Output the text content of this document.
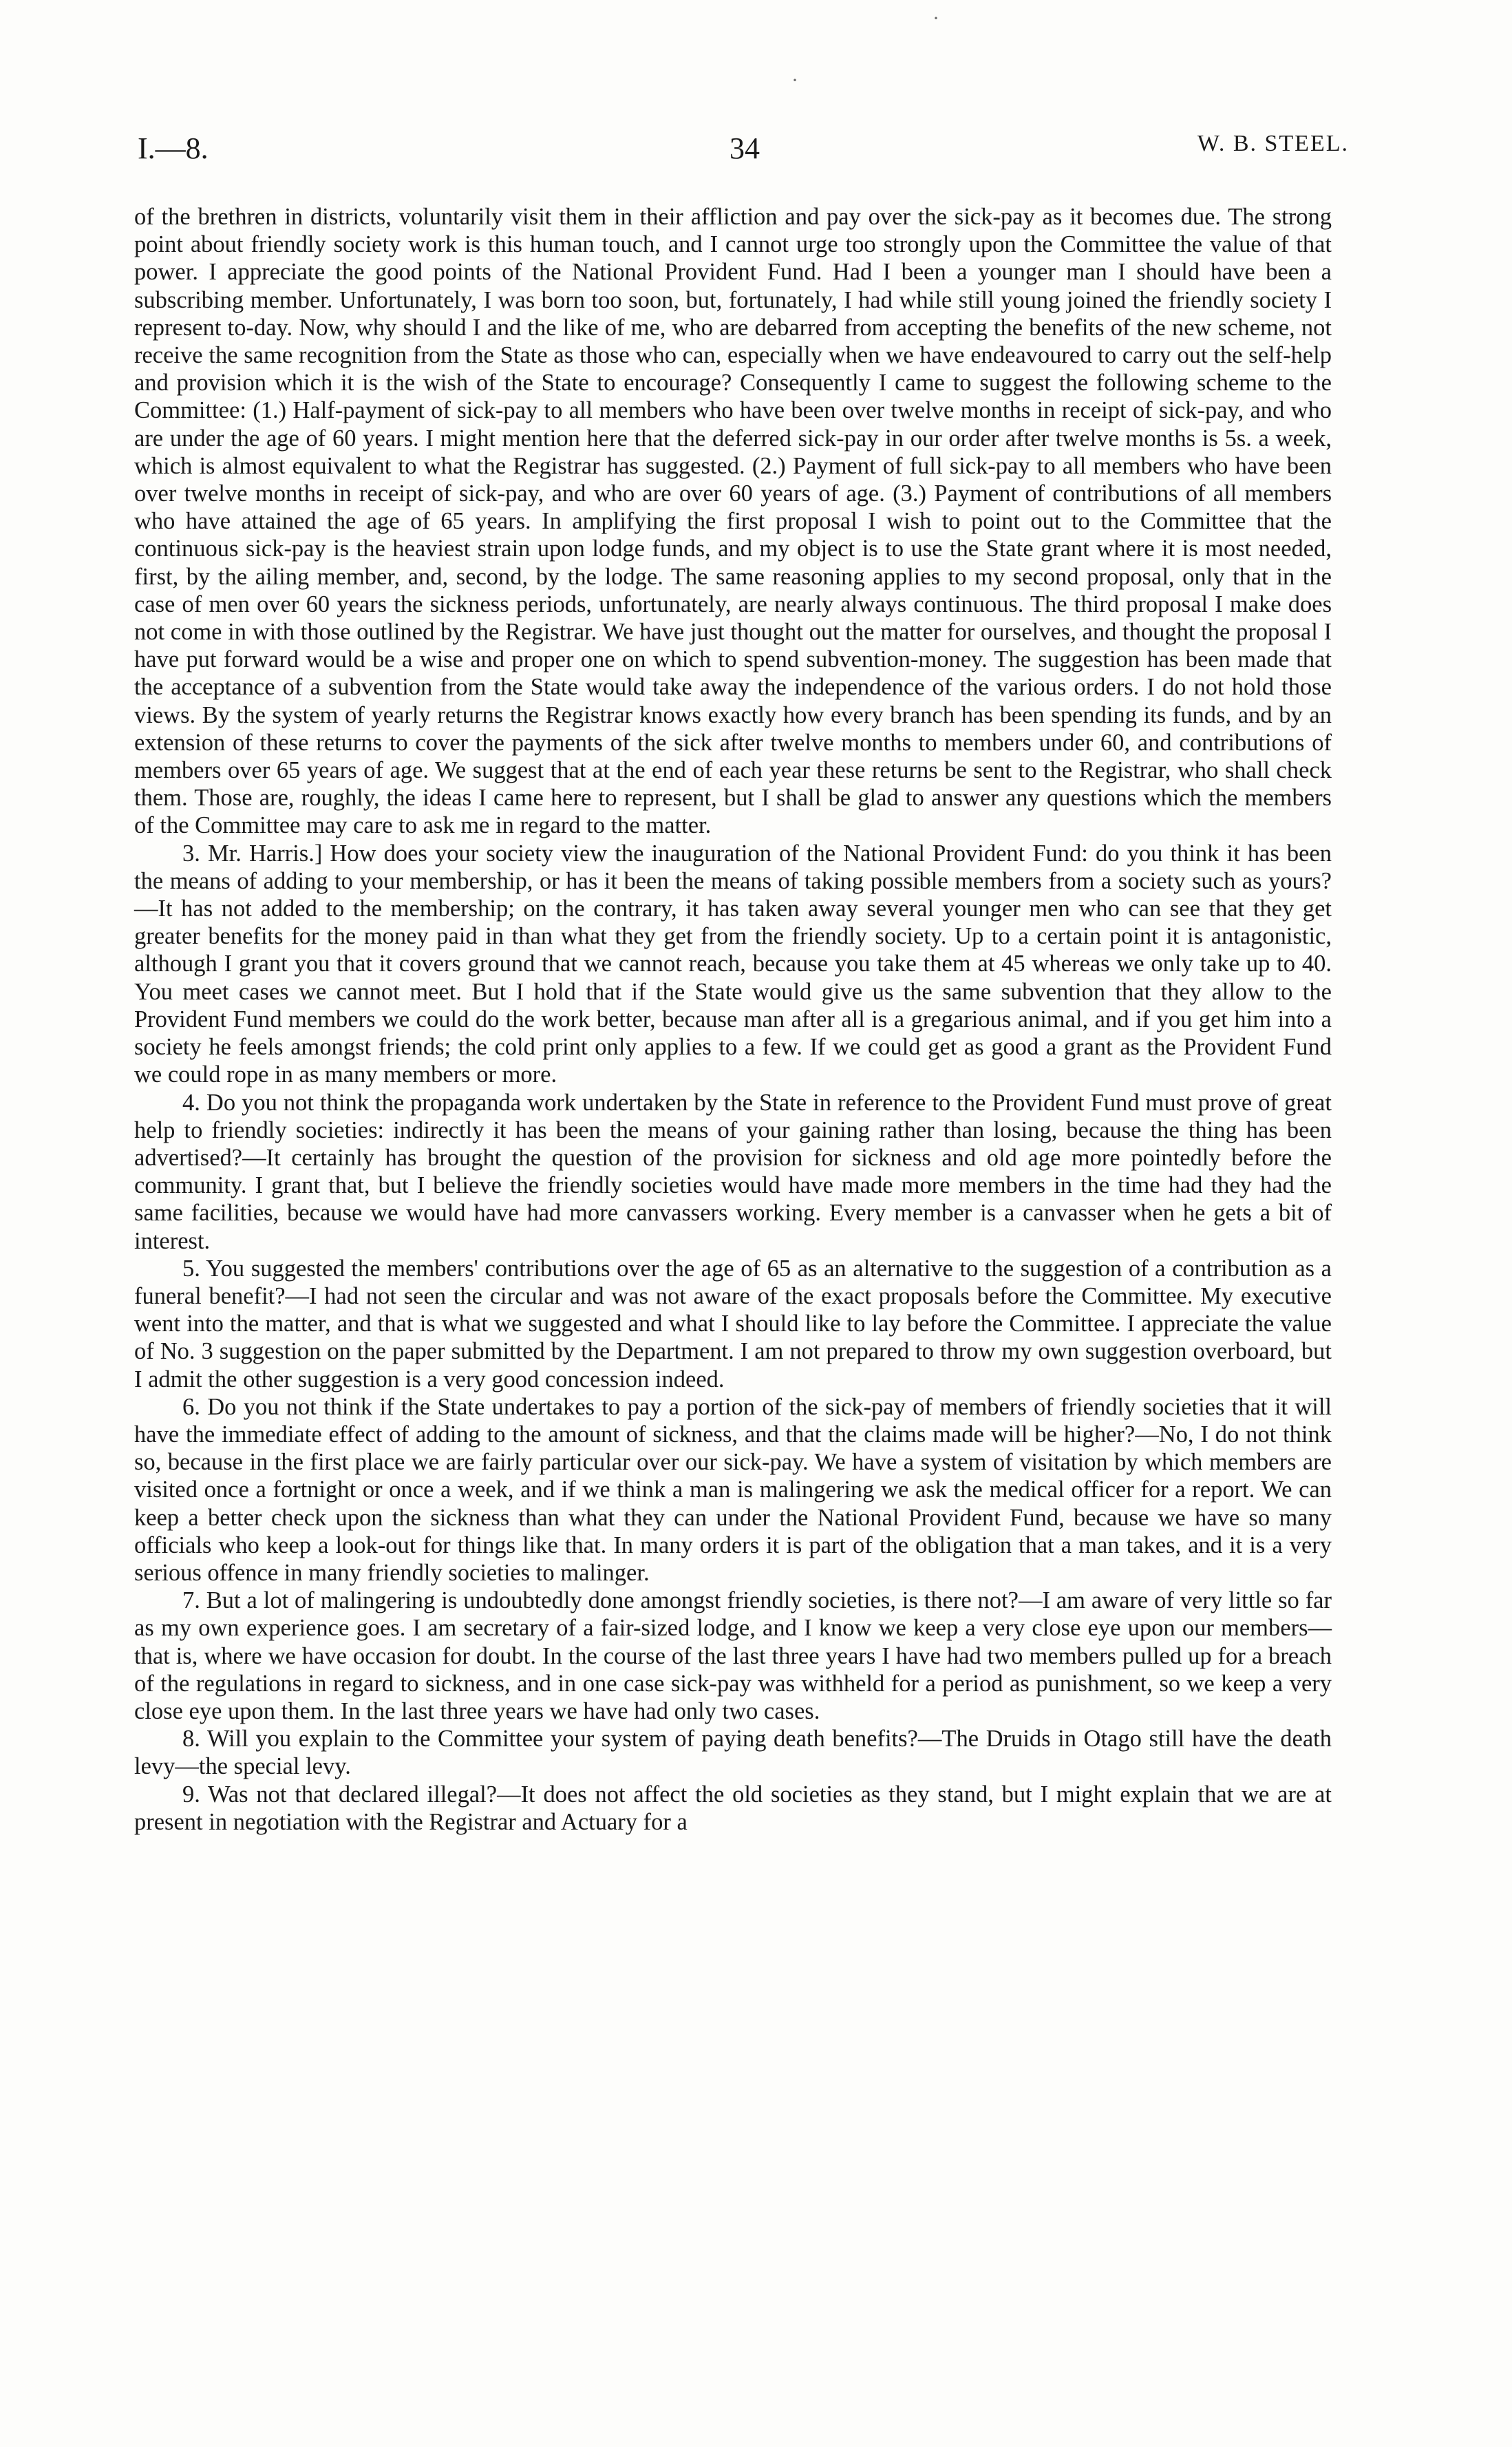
I.—8.	34	W. B. STEEL.

of the brethren in districts, voluntarily visit them in their affliction and pay over the sick-pay as it becomes due. The strong point about friendly society work is this human touch, and I cannot urge too strongly upon the Committee the value of that power. I appreciate the good points of the National Provident Fund. Had I been a younger man I should have been a subscribing member. Unfortunately, I was born too soon, but, fortunately, I had while still young joined the friendly society I represent to-day. Now, why should I and the like of me, who are debarred from accepting the benefits of the new scheme, not receive the same recognition from the State as those who can, especially when we have endeavoured to carry out the self-help and provision which it is the wish of the State to encourage? Consequently I came to suggest the following scheme to the Committee: (1.) Half-payment of sick-pay to all members who have been over twelve months in receipt of sick-pay, and who are under the age of 60 years. I might mention here that the deferred sick-pay in our order after twelve months is 5s. a week, which is almost equivalent to what the Registrar has suggested. (2.) Payment of full sick-pay to all members who have been over twelve months in receipt of sick-pay, and who are over 60 years of age. (3.) Payment of contributions of all members who have attained the age of 65 years. In amplifying the first proposal I wish to point out to the Committee that the continuous sick-pay is the heaviest strain upon lodge funds, and my object is to use the State grant where it is most needed, first, by the ailing member, and, second, by the lodge. The same reasoning applies to my second proposal, only that in the case of men over 60 years the sickness periods, unfortunately, are nearly always continuous. The third proposal I make does not come in with those outlined by the Registrar. We have just thought out the matter for ourselves, and thought the proposal I have put forward would be a wise and proper one on which to spend subvention-money. The suggestion has been made that the acceptance of a subvention from the State would take away the independence of the various orders. I do not hold those views. By the system of yearly returns the Registrar knows exactly how every branch has been spending its funds, and by an extension of these returns to cover the payments of the sick after twelve months to members under 60, and contributions of members over 65 years of age. We suggest that at the end of each year these returns be sent to the Registrar, who shall check them. Those are, roughly, the ideas I came here to represent, but I shall be glad to answer any questions which the members of the Committee may care to ask me in regard to the matter.

3. Mr. Harris.] How does your society view the inauguration of the National Provident Fund: do you think it has been the means of adding to your membership, or has it been the means of taking possible members from a society such as yours?—It has not added to the membership; on the contrary, it has taken away several younger men who can see that they get greater benefits for the money paid in than what they get from the friendly society. Up to a certain point it is antagonistic, although I grant you that it covers ground that we cannot reach, because you take them at 45 whereas we only take up to 40. You meet cases we cannot meet. But I hold that if the State would give us the same subvention that they allow to the Provident Fund members we could do the work better, because man after all is a gregarious animal, and if you get him into a society he feels amongst friends; the cold print only applies to a few. If we could get as good a grant as the Provident Fund we could rope in as many members or more.

4. Do you not think the propaganda work undertaken by the State in reference to the Provident Fund must prove of great help to friendly societies: indirectly it has been the means of your gaining rather than losing, because the thing has been advertised?—It certainly has brought the question of the provision for sickness and old age more pointedly before the community. I grant that, but I believe the friendly societies would have made more members in the time had they had the same facilities, because we would have had more canvassers working. Every member is a canvasser when he gets a bit of interest.

5. You suggested the members' contributions over the age of 65 as an alternative to the suggestion of a contribution as a funeral benefit?—I had not seen the circular and was not aware of the exact proposals before the Committee. My executive went into the matter, and that is what we suggested and what I should like to lay before the Committee. I appreciate the value of No. 3 suggestion on the paper submitted by the Department. I am not prepared to throw my own suggestion overboard, but I admit the other suggestion is a very good concession indeed.

6. Do you not think if the State undertakes to pay a portion of the sick-pay of members of friendly societies that it will have the immediate effect of adding to the amount of sickness, and that the claims made will be higher?—No, I do not think so, because in the first place we are fairly particular over our sick-pay. We have a system of visitation by which members are visited once a fortnight or once a week, and if we think a man is malingering we ask the medical officer for a report. We can keep a better check upon the sickness than what they can under the National Provident Fund, because we have so many officials who keep a look-out for things like that. In many orders it is part of the obligation that a man takes, and it is a very serious offence in many friendly societies to malinger.

7. But a lot of malingering is undoubtedly done amongst friendly societies, is there not?—I am aware of very little so far as my own experience goes. I am secretary of a fair-sized lodge, and I know we keep a very close eye upon our members—that is, where we have occasion for doubt. In the course of the last three years I have had two members pulled up for a breach of the regulations in regard to sickness, and in one case sick-pay was withheld for a period as punishment, so we keep a very close eye upon them. In the last three years we have had only two cases.

8. Will you explain to the Committee your system of paying death benefits?—The Druids in Otago still have the death levy—the special levy.

9. Was not that declared illegal?—It does not affect the old societies as they stand, but I might explain that we are at present in negotiation with the Registrar and Actuary for a

·
·
